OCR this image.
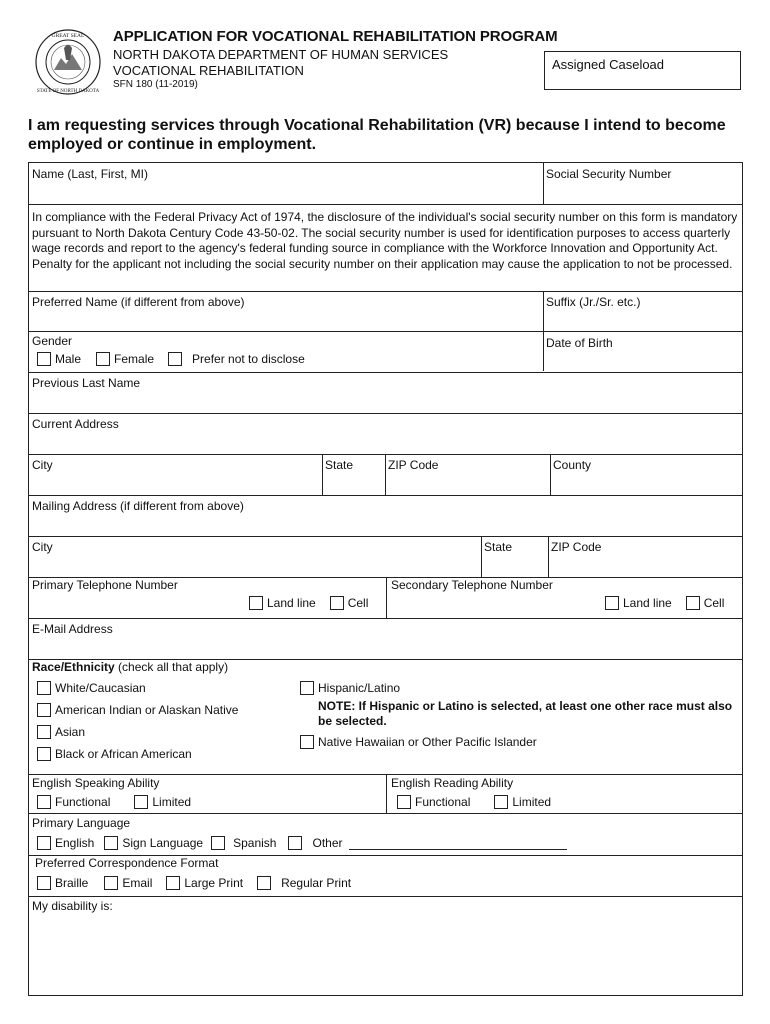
GREAT SEAL
STATE OF NORTH DAKOTA
APPLICATION FOR VOCATIONAL REHABILITATION PROGRAM
NORTH DAKOTA DEPARTMENT OF HUMAN SERVICES
VOCATIONAL REHABILITATION
SFN 180 (11-2019)
Assigned Caseload
I am requesting services through Vocational Rehabilitation (VR) because I intend to become employed or continue in employment.
Name (Last, First, MI)	Social Security Number
In compliance with the Federal Privacy Act of 1974, the disclosure of the individual's social security number on this form is mandatory pursuant to North Dakota Century Code 43-50-02. The social security number is used for identification purposes to access quarterly wage records and report to the agency's federal funding source in compliance with the Workforce Innovation and Opportunity Act. Penalty for the applicant not including the social security number on their application may cause the application to not be processed.
Preferred Name (if different from above)	Suffix (Jr./Sr. etc.)
Gender
Male	Female	Prefer not to disclose
Date of Birth
Previous Last Name
Current Address
City	State	ZIP Code	County
Mailing Address (if different from above)
City	State	ZIP Code
Primary Telephone Number
Land line	Cell
Secondary Telephone Number
Land line	Cell
E-Mail Address
Race/Ethnicity (check all that apply)
White/Caucasian
American Indian or Alaskan Native
Asian
Black or African American
Hispanic/Latino
NOTE: If Hispanic or Latino is selected, at least one other race must also be selected.
Native Hawaiian or Other Pacific Islander
English Speaking Ability
Functional	Limited
English Reading Ability
Functional	Limited
Primary Language
English Sign Language	Spanish	Other
Preferred Correspondence Format
Braille	Email	Large Print	Regular Print
My disability is:
